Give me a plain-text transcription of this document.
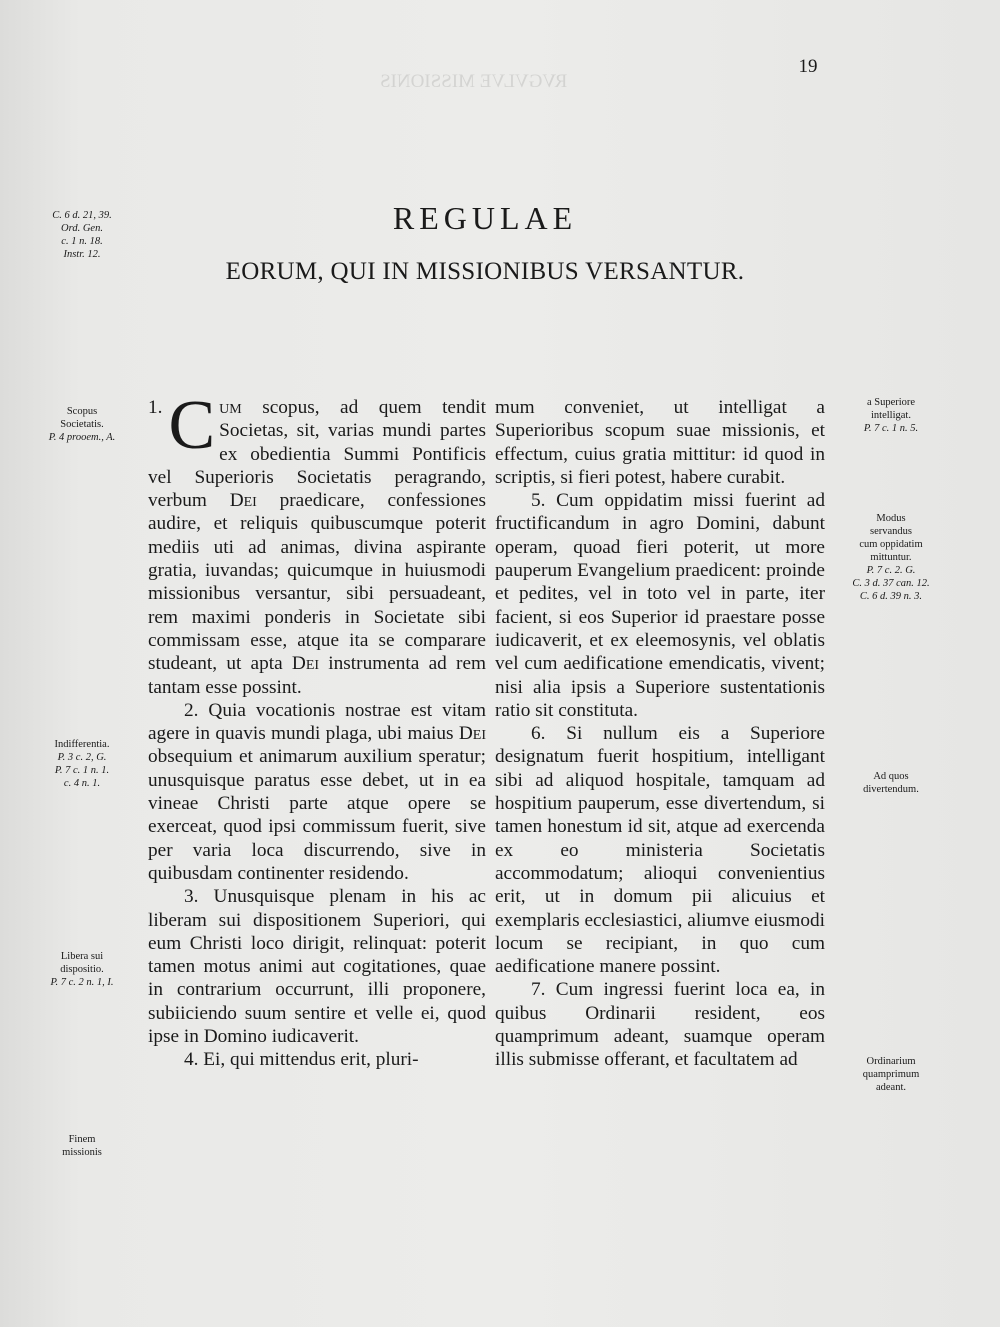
RVGVLVE MISSIONIS
19
REGULAE
EORUM, QUI IN MISSIONIBUS VERSANTUR.
C. 6 d. 21, 39.
Ord. Gen.
c. 1 n. 18.
Instr. 12.
Scopus
Societatis.
P. 4 prooem., A.
Indifferentia.
P. 3 c. 2, G.
P. 7 c. 1 n. 1.
c. 4 n. 1.
Libera sui
dispositio.
P. 7 c. 2 n. 1, I.
Finem
missionis
a Superiore
intelligat.
P. 7 c. 1 n. 5.
Modus
servandus
cum oppidatim
mittuntur.
P. 7 c. 2. G.
C. 3 d. 37 can. 12.
C. 6 d. 39 n. 3.
Ad quos
divertendum.
Ordinarium
quamprimum
adeant.

1. C um scopus, ad quem tendit Societas, sit, varias mundi partes ex obedientia Summi Pontificis vel Superioris Societatis peragrando, verbum Dei praedicare, confessiones audire, et reliquis quibuscumque poterit mediis uti ad animas, divina aspirante gratia, iuvandas; quicumque in huiusmodi missionibus versantur, sibi persuadeant, rem maximi ponderis in Societate sibi commissam esse, atque ita se comparare studeant, ut apta Dei instrumenta ad rem tantam esse possint.

2. Quia vocationis nostrae est vitam agere in quavis mundi plaga, ubi maius Dei obsequium et animarum auxilium speratur; unusquisque paratus esse debet, ut in ea vineae Christi parte atque opere se exerceat, quod ipsi commissum fuerit, sive per varia loca discurrendo, sive in quibusdam continenter residendo.

3. Unusquisque plenam in his ac liberam sui dispositionem Superiori, qui eum Christi loco dirigit, relinquat: poterit tamen motus animi aut cogitationes, quae in contrarium occurrunt, illi proponere, subiiciendo suum sentire et velle ei, quod ipse in Domino iudicaverit.

4. Ei, qui mittendus erit, pluri-

mum conveniet, ut intelligat a Superioribus scopum suae missionis, et effectum, cuius gratia mittitur: id quod in scriptis, si fieri potest, habere curabit.

5. Cum oppidatim missi fuerint ad fructificandum in agro Domini, dabunt operam, quoad fieri poterit, ut more pauperum Evangelium praedicent: proinde et pedites, vel in toto vel in parte, iter facient, si eos Superior id praestare posse iudicaverit, et ex eleemosynis, vel oblatis vel cum aedificatione emendicatis, vivent; nisi alia ipsis a Superiore sustentationis ratio sit constituta.

6. Si nullum eis a Superiore designatum fuerit hospitium, intelligant sibi ad aliquod hospitale, tamquam ad hospitium pauperum, esse divertendum, si tamen honestum id sit, atque ad exercenda ex eo ministeria Societatis accommodatum; alioqui convenientius erit, ut in domum pii alicuius et exemplaris ecclesiastici, aliumve eiusmodi locum se recipiant, in quo cum aedificatione manere possint.

7. Cum ingressi fuerint loca ea, in quibus Ordinarii resident, eos quamprimum adeant, suamque operam illis submisse offerant, et facultatem ad
